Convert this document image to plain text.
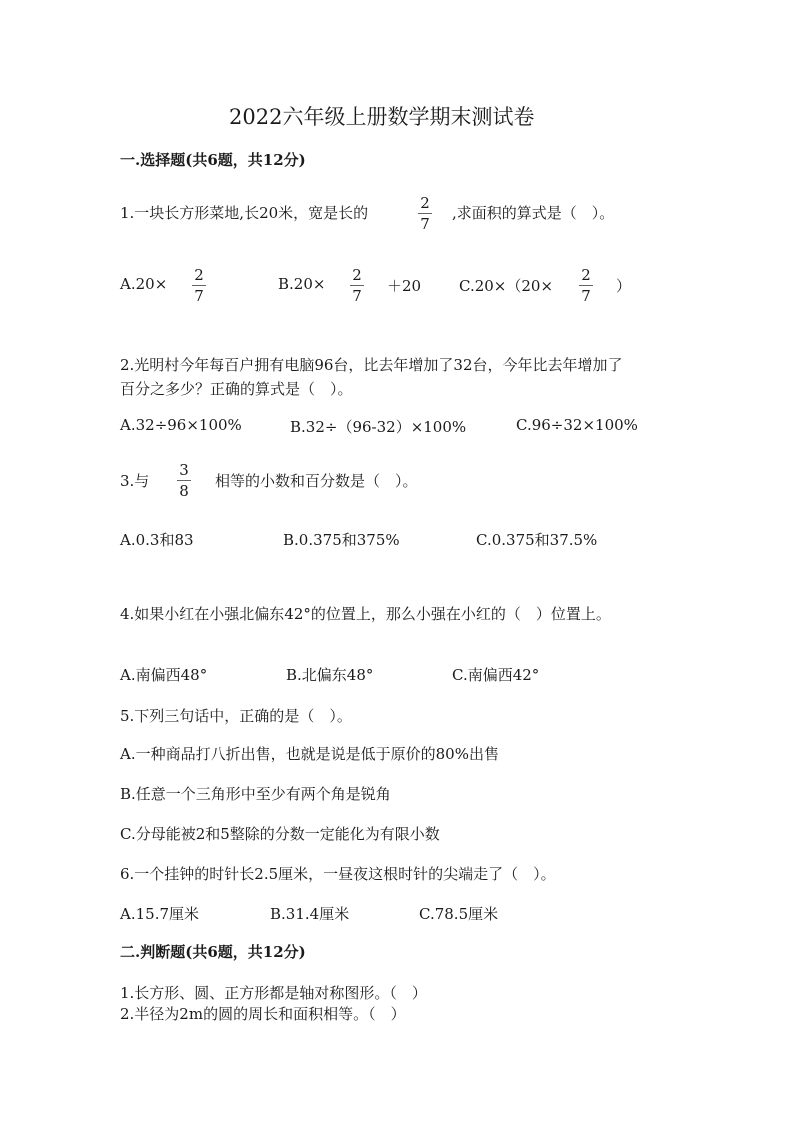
2022六年级上册数学期末测试卷
一.选择题(共6题，共12分)
1.一块长方形菜地,长20米，宽是长的
2
7
,求面积的算式是（　）。
A.20× 2
7
B.20× 2
7
＋20	C.20×（20×
2
7
）
2.光明村今年每百户拥有电脑96台，比去年增加了32台，今年比去年增加了
百分之多少？正确的算式是（　）。
A.32÷96×100%	B.32÷（96-32）×100%	C.96÷32×100%
3.与
3
8
相等的小数和百分数是（　）。
A.0.3和83	B.0.375和375%	C.0.375和37.5%
4.如果小红在小强北偏东42°的位置上，那么小强在小红的（　）位置上。
A.南偏西48°	B.北偏东48°	C.南偏西42°
5.下列三句话中，正确的是（　）。
A.一种商品打八折出售，也就是说是低于原价的80%出售
B.任意一个三角形中至少有两个角是锐角
C.分母能被2和5整除的分数一定能化为有限小数
6.一个挂钟的时针长2.5厘米，一昼夜这根时针的尖端走了（　）。
A.15.7厘米	B.31.4厘米	C.78.5厘米
二.判断题(共6题，共12分)
1.长方形、圆、正方形都是轴对称图形。（　）
2.半径为2m的圆的周长和面积相等。（　）
